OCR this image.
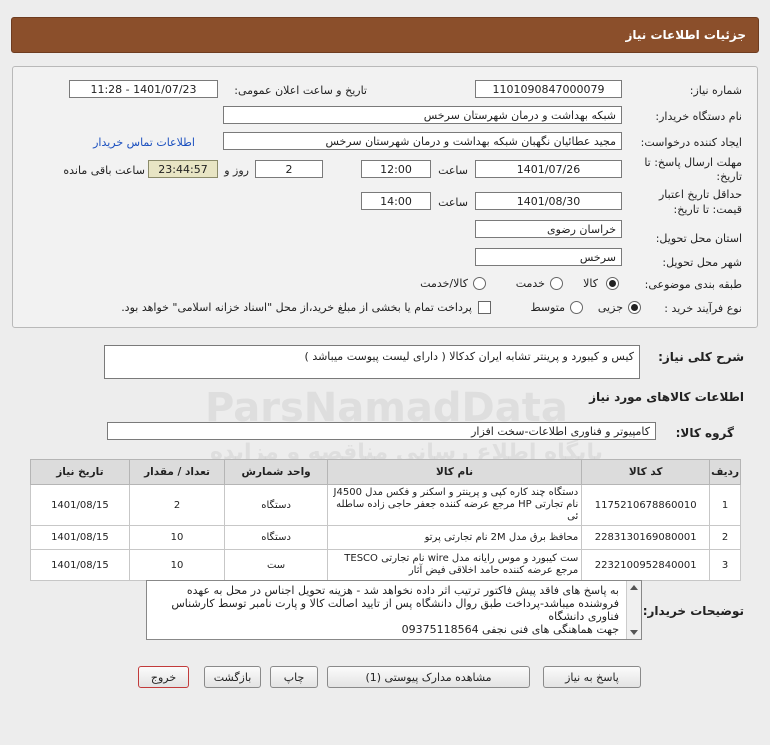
جزئیات اطلاعات نیاز
ParsNamadData
پایگاه اطلاع رسانی مناقصه و مزایده
شماره نیاز:
1101090847000079
تاریخ و ساعت اعلان عمومی:
1401/07/23 - 11:28
نام دستگاه خریدار:
شبکه بهداشت و درمان شهرستان سرخس
ایجاد کننده درخواست:
مجید عطائیان نگهبان شبکه بهداشت و درمان شهرستان سرخس
اطلاعات تماس خریدار
مهلت ارسال پاسخ: تا
تاریخ:
1401/07/26
ساعت
12:00
2
روز و
23:44:57
ساعت باقی مانده
حداقل تاریخ اعتبار
قیمت: تا تاریخ:
1401/08/30
ساعت
14:00
استان محل تحویل:
خراسان رضوی
شهر محل تحویل:
سرخس
طبقه بندی موضوعی:
کالا
خدمت
کالا/خدمت
نوع فرآیند خرید :
جزیی
متوسط
پرداخت تمام یا بخشی از مبلغ خرید،از محل "اسناد خزانه اسلامی" خواهد بود.
شرح کلی نیاز:
کیس و کیبورد و پرینتر تشابه ایران کدکالا ( دارای لیست پیوست میباشد )
اطلاعات کالاهای مورد نیاز
گروه کالا:
کامپیوتر و فناوری اطلاعات-سخت افزار
ردیف	کد کالا	نام کالا	واحد شمارش	تعداد / مقدار	تاریخ نیاز
1	1175210678860010	دستگاه چند کاره کپی و پرینتر و اسکنر و فکس مدل J4500 نام تجارتی HP مرجع عرضه کننده جعفر حاجی زاده ساطله ئی	دستگاه	2	1401/08/15
2	2283130169080001	محافظ برق مدل 2M نام تجارتی پرتو	دستگاه	10	1401/08/15
3	2232100952840001	ست کیبورد و موس رایانه مدل wire نام تجارتی TESCO مرجع عرضه کننده حامد اخلاقی فیض آثار	ست	10	1401/08/15
توضیحات خریدار:
به پاسخ های فاقد پیش فاکتور ترتیب اثر داده نخواهد شد - هزینه تحویل اجناس در محل به عهده
فروشنده میباشد-پرداخت طبق روال دانشگاه پس از تایید اصالت کالا و پارت نامبر توسط کارشناس
فناوری دانشگاه
جهت هماهنگی های فنی نجفی 09375118564
پاسخ به نیاز
مشاهده مدارک پیوستی (1)
چاپ
بازگشت
خروج
